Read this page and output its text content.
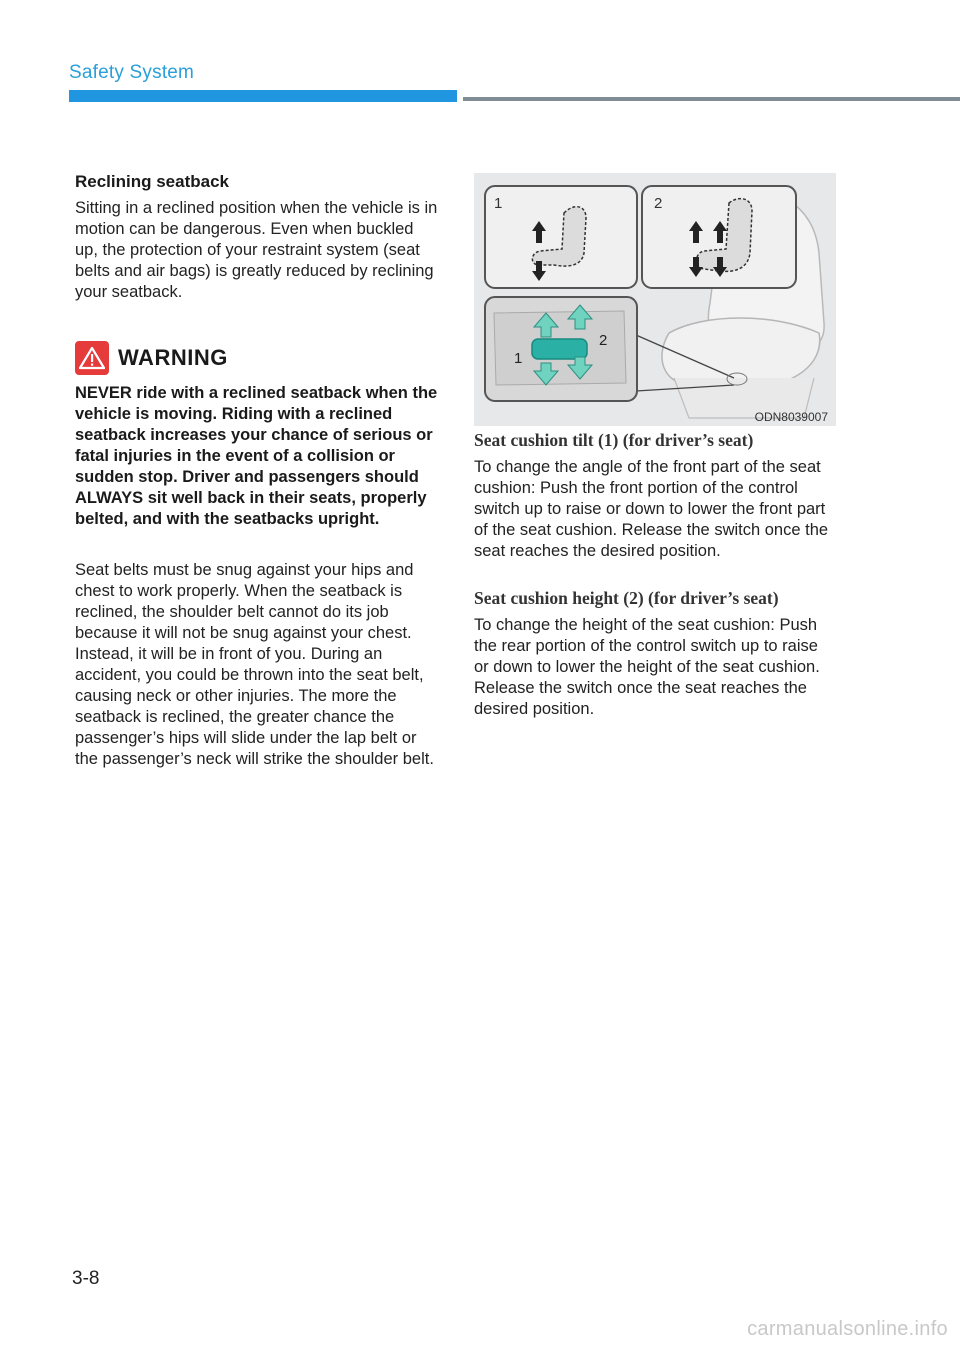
Safety System

Reclining seatback

Sitting in a reclined position when the vehicle is in motion can be dangerous. Even when buckled up, the protection of your restraint system (seat belts and air bags) is greatly reduced by reclining your seatback.

WARNING

NEVER ride with a reclined seatback when the vehicle is moving. Riding with a reclined seatback increases your chance of serious or fatal injuries in the event of a collision or sudden stop. Driver and passengers should ALWAYS sit well back in their seats, properly belted, and with the seatbacks upright.

Seat belts must be snug against your hips and chest to work properly. When the seatback is reclined, the shoulder belt cannot do its job because it will not be snug against your chest. Instead, it will be in front of you. During an accident, you could be thrown into the seat belt, causing neck or other injuries. The more the seatback is reclined, the greater chance the passenger’s hips will slide under the lap belt or the passenger’s neck will strike the shoulder belt.

1	2
1
2
ODN8039007

Seat cushion tilt (1) (for driver’s seat)

To change the angle of the front part of the seat cushion: Push the front portion of the control switch up to raise or down to lower the front part of the seat cushion. Release the switch once the seat reaches the desired position.

Seat cushion height (2) (for driver’s seat)

To change the height of the seat cushion: Push the rear portion of the control switch up to raise or down to lower the height of the seat cushion. Release the switch once the seat reaches the desired position.

3-8
carmanualsonline.info
